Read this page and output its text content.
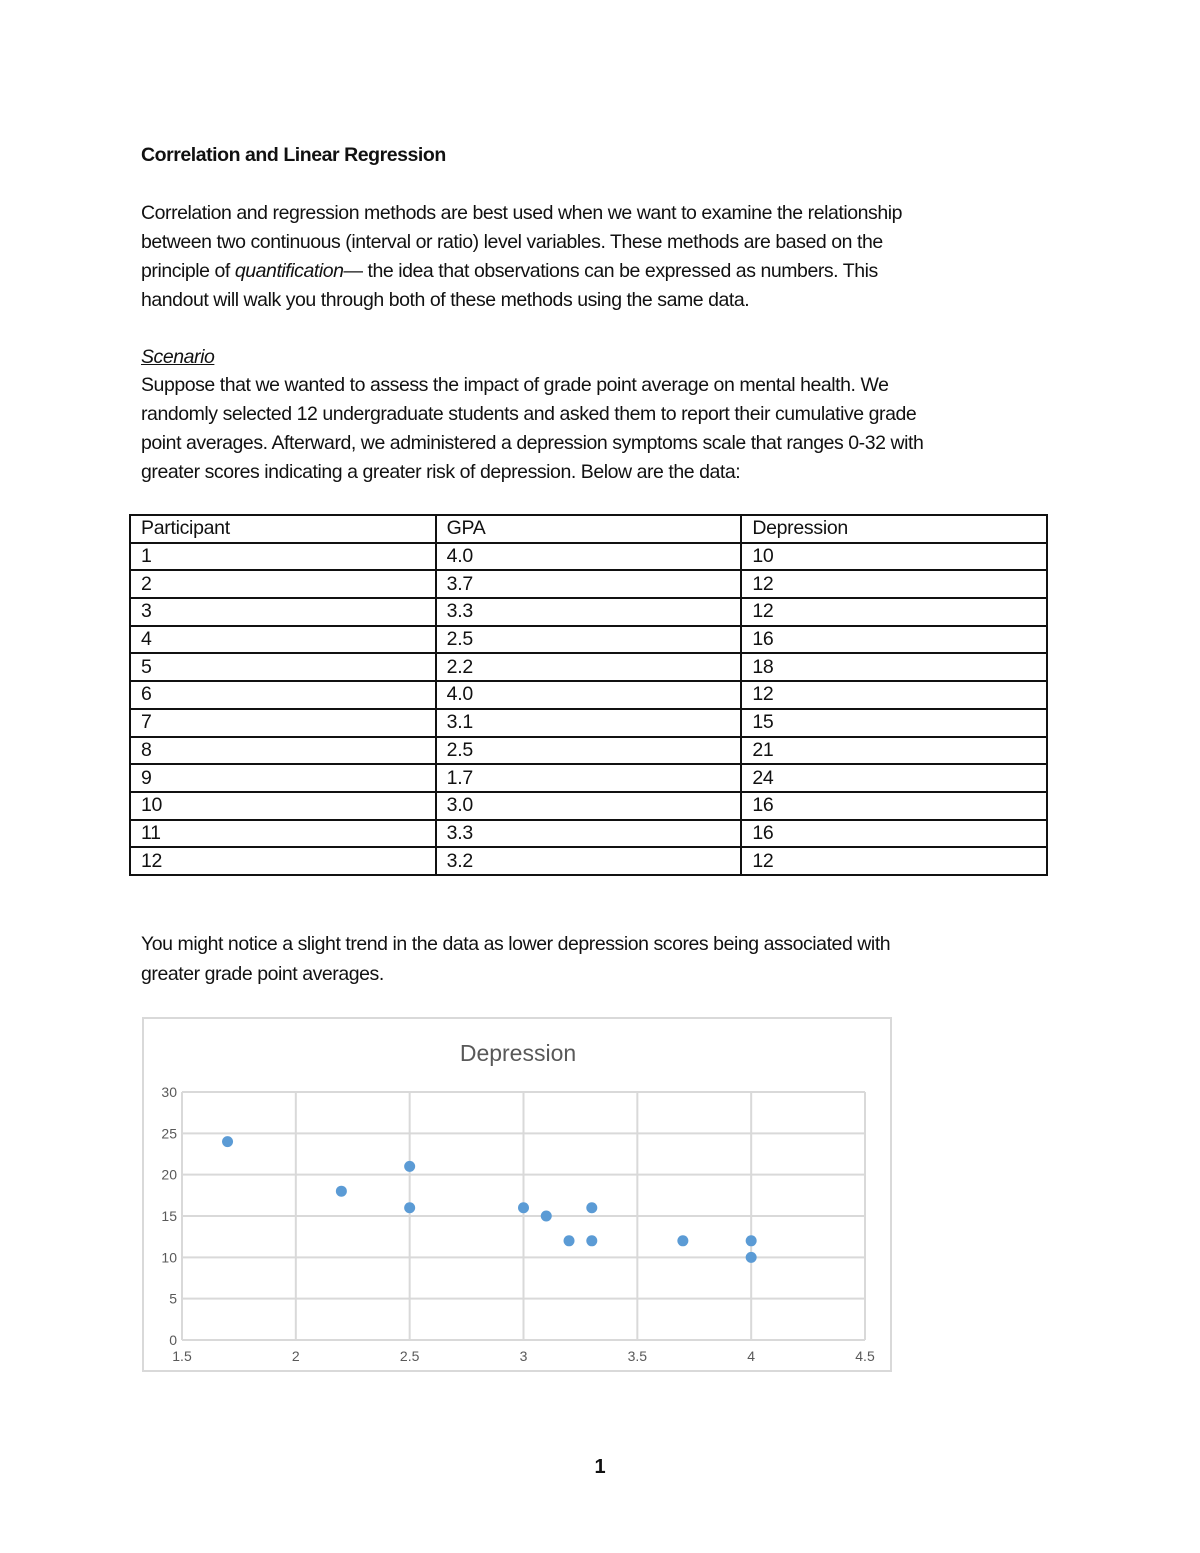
Correlation and Linear Regression
Correlation and regression methods are best used when we want to examine the relationship
between two continuous (interval or ratio) level variables. These methods are based on the
principle of quantification— the idea that observations can be expressed as numbers. This
handout will walk you through both of these methods using the same data.
Scenario
Suppose that we wanted to assess the impact of grade point average on mental health. We
randomly selected 12 undergraduate students and asked them to report their cumulative grade
point averages. Afterward, we administered a depression symptoms scale that ranges 0-32 with
greater scores indicating a greater risk of depression. Below are the data:
Participant	GPA	Depression
1	4.0	10
2	3.7	12
3	3.3	12
4	2.5	16
5	2.2	18
6	4.0	12
7	3.1	15
8	2.5	21
9	1.7	24
10	3.0	16
11	3.3	16
12	3.2	12
You might notice a slight trend in the data as lower depression scores being associated with
greater grade point averages.
Depression
0
5
10
15
20
25
30
1.5	2	2.5	3	3.5	4	4.5
1
